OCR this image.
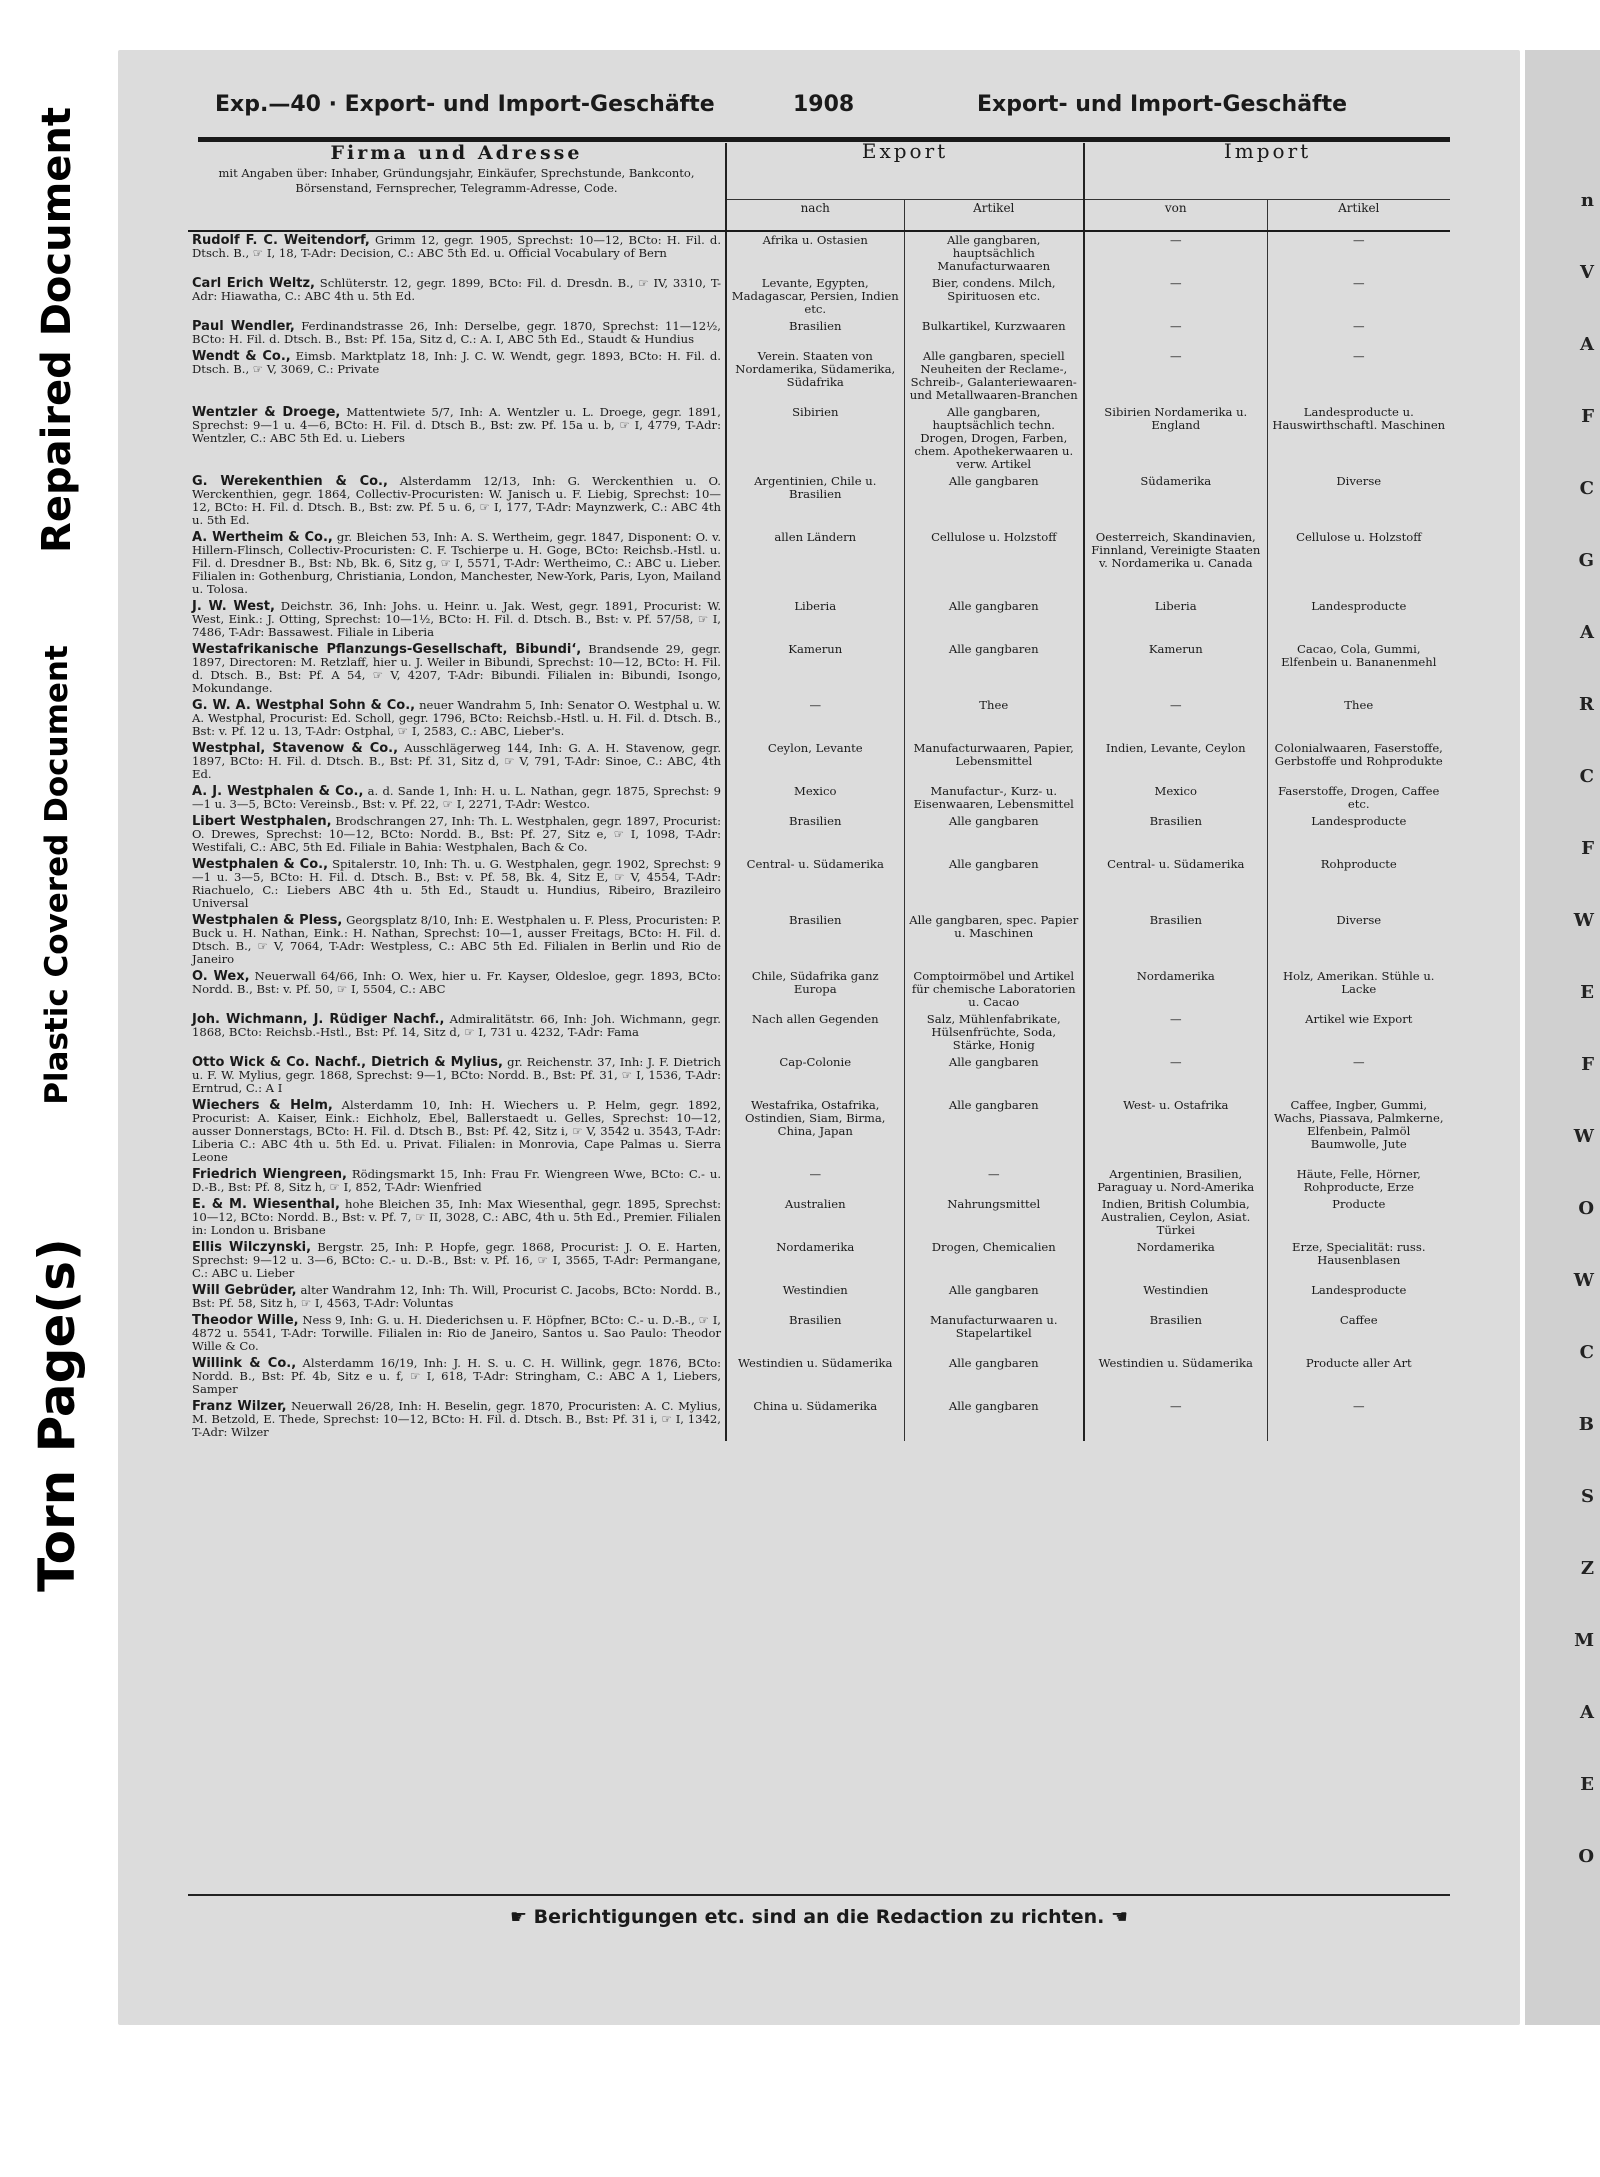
Repaired Document
Plastic Covered Document
Torn Page(s)
n
V
A
F
C
G
A
R
C
F
W
E
F
W
O
W
C
B
S
Z
M
A
E
O
Exp.—40 · Export- und Import-Geschäfte	1908	Export- und Import-Geschäfte
Firma und Adresse
mit Angaben über: Inhaber, Gründungsjahr, Einkäufer, Sprechstunde, Bankconto, Börsenstand, Fernsprecher, Telegramm-Adresse, Code.	Export		Import	
	nach	Artikel	von	Artikel
Rudolf F. C. Weitendorf, Grimm 12, gegr. 1905, Sprechst: 10—12, BCto: H. Fil. d. Dtsch. B., ☞ I, 18, T-Adr: Decision, C.: ABC 5th Ed. u. Official Vocabulary of Bern	Afrika u. Ostasien	Alle gangbaren, hauptsächlich Manufacturwaaren	—	—
Carl Erich Weltz, Schlüterstr. 12, gegr. 1899, BCto: Fil. d. Dresdn. B., ☞ IV, 3310, T-Adr: Hiawatha, C.: ABC 4th u. 5th Ed.	Levante, Egypten, Madagascar, Persien, Indien etc.	Bier, condens. Milch, Spirituosen etc.	—	—
Paul Wendler, Ferdinandstrasse 26, Inh: Derselbe, gegr. 1870, Sprechst: 11—12½, BCto: H. Fil. d. Dtsch. B., Bst: Pf. 15a, Sitz d, C.: A. I, ABC 5th Ed., Staudt & Hundius	Brasilien	Bulkartikel, Kurzwaaren	—	—
Wendt & Co., Eimsb. Marktplatz 18, Inh: J. C. W. Wendt, gegr. 1893, BCto: H. Fil. d. Dtsch. B., ☞ V, 3069, C.: Private	Verein. Staaten von Nordamerika, Südamerika, Südafrika	Alle gangbaren, speciell Neuheiten der Reclame-, Schreib-, Galanteriewaaren- und Metallwaaren-Branchen	—	—
Wentzler & Droege, Mattentwiete 5/7, Inh: A. Wentzler u. L. Droege, gegr. 1891, Sprechst: 9—1 u. 4—6, BCto: H. Fil. d. Dtsch B., Bst: zw. Pf. 15a u. b, ☞ I, 4779, T-Adr: Wentzler, C.: ABC 5th Ed. u. Liebers	Sibirien	Alle gangbaren, hauptsächlich techn. Drogen, Drogen, Farben, chem. Apothekerwaaren u. verw. Artikel	Sibirien Nordamerika u. England	Landesproducte u. Hauswirthschaftl. Maschinen
G. Werekenthien & Co., Alsterdamm 12/13, Inh: G. Werckenthien u. O. Werckenthien, gegr. 1864, Collectiv-Procuristen: W. Janisch u. F. Liebig, Sprechst: 10—12, BCto: H. Fil. d. Dtsch. B., Bst: zw. Pf. 5 u. 6, ☞ I, 177, T-Adr: Maynzwerk, C.: ABC 4th u. 5th Ed.	Argentinien, Chile u. Brasilien	Alle gangbaren	Südamerika	Diverse
A. Wertheim & Co., gr. Bleichen 53, Inh: A. S. Wertheim, gegr. 1847, Disponent: O. v. Hillern-Flinsch, Collectiv-Procuristen: C. F. Tschierpe u. H. Goge, BCto: Reichsb.-Hstl. u. Fil. d. Dresdner B., Bst: Nb, Bk. 6, Sitz g, ☞ I, 5571, T-Adr: Wertheimo, C.: ABC u. Lieber. Filialen in: Gothenburg, Christiania, London, Manchester, New-York, Paris, Lyon, Mailand u. Tolosa.	allen Ländern	Cellulose u. Holzstoff	Oesterreich, Skandinavien, Finnland, Vereinigte Staaten v. Nordamerika u. Canada	Cellulose u. Holzstoff
J. W. West, Deichstr. 36, Inh: Johs. u. Heinr. u. Jak. West, gegr. 1891, Procurist: W. West, Eink.: J. Otting, Sprechst: 10—1½, BCto: H. Fil. d. Dtsch. B., Bst: v. Pf. 57/58, ☞ I, 7486, T-Adr: Bassawest. Filiale in Liberia	Liberia	Alle gangbaren	Liberia	Landesproducte
Westafrikanische Pflanzungs-Gesellschaft, Bibundi‘, Brandsende 29, gegr. 1897, Directoren: M. Retzlaff, hier u. J. Weiler in Bibundi, Sprechst: 10—12, BCto: H. Fil. d. Dtsch. B., Bst: Pf. A 54, ☞ V, 4207, T-Adr: Bibundi. Filialen in: Bibundi, Isongo, Mokundange.	Kamerun	Alle gangbaren	Kamerun	Cacao, Cola, Gummi, Elfenbein u. Bananenmehl
G. W. A. Westphal Sohn & Co., neuer Wandrahm 5, Inh: Senator O. Westphal u. W. A. Westphal, Procurist: Ed. Scholl, gegr. 1796, BCto: Reichsb.-Hstl. u. H. Fil. d. Dtsch. B., Bst: v. Pf. 12 u. 13, T-Adr: Ostphal, ☞ I, 2583, C.: ABC, Lieber's.	—	Thee	—	Thee
Westphal, Stavenow & Co., Ausschlägerweg 144, Inh: G. A. H. Stavenow, gegr. 1897, BCto: H. Fil. d. Dtsch. B., Bst: Pf. 31, Sitz d, ☞ V, 791, T-Adr: Sinoe, C.: ABC, 4th Ed.	Ceylon, Levante	Manufacturwaaren, Papier, Lebensmittel	Indien, Levante, Ceylon	Colonialwaaren, Faserstoffe, Gerbstoffe und Rohprodukte
A. J. Westphalen & Co., a. d. Sande 1, Inh: H. u. L. Nathan, gegr. 1875, Sprechst: 9—1 u. 3—5, BCto: Vereinsb., Bst: v. Pf. 22, ☞ I, 2271, T-Adr: Westco.	Mexico	Manufactur-, Kurz- u. Eisenwaaren, Lebensmittel	Mexico	Faserstoffe, Drogen, Caffee etc.
Libert Westphalen, Brodschrangen 27, Inh: Th. L. Westphalen, gegr. 1897, Procurist: O. Drewes, Sprechst: 10—12, BCto: Nordd. B., Bst: Pf. 27, Sitz e, ☞ I, 1098, T-Adr: Westifali, C.: ABC, 5th Ed. Filiale in Bahia: Westphalen, Bach & Co.	Brasilien	Alle gangbaren	Brasilien	Landesproducte
Westphalen & Co., Spitalerstr. 10, Inh: Th. u. G. Westphalen, gegr. 1902, Sprechst: 9—1 u. 3—5, BCto: H. Fil. d. Dtsch. B., Bst: v. Pf. 58, Bk. 4, Sitz E, ☞ V, 4554, T-Adr: Riachuelo, C.: Liebers ABC 4th u. 5th Ed., Staudt u. Hundius, Ribeiro, Brazileiro Universal	Central- u. Südamerika	Alle gangbaren	Central- u. Südamerika	Rohproducte
Westphalen & Pless, Georgsplatz 8/10, Inh: E. Westphalen u. F. Pless, Procuristen: P. Buck u. H. Nathan, Eink.: H. Nathan, Sprechst: 10—1, ausser Freitags, BCto: H. Fil. d. Dtsch. B., ☞ V, 7064, T-Adr: Westpless, C.: ABC 5th Ed. Filialen in Berlin und Rio de Janeiro	Brasilien	Alle gangbaren, spec. Papier u. Maschinen	Brasilien	Diverse
O. Wex, Neuerwall 64/66, Inh: O. Wex, hier u. Fr. Kayser, Oldesloe, gegr. 1893, BCto: Nordd. B., Bst: v. Pf. 50, ☞ I, 5504, C.: ABC	Chile, Südafrika ganz Europa	Comptoirmöbel und Artikel für chemische Laboratorien u. Cacao	Nordamerika	Holz, Amerikan. Stühle u. Lacke
Joh. Wichmann, J. Rüdiger Nachf., Admiralitätstr. 66, Inh: Joh. Wichmann, gegr. 1868, BCto: Reichsb.-Hstl., Bst: Pf. 14, Sitz d, ☞ I, 731 u. 4232, T-Adr: Fama	Nach allen Gegenden	Salz, Mühlenfabrikate, Hülsenfrüchte, Soda, Stärke, Honig	—	Artikel wie Export
Otto Wick & Co. Nachf., Dietrich & Mylius, gr. Reichenstr. 37, Inh: J. F. Dietrich u. F. W. Mylius, gegr. 1868, Sprechst: 9—1, BCto: Nordd. B., Bst: Pf. 31, ☞ I, 1536, T-Adr: Erntrud, C.: A I	Cap-Colonie	Alle gangbaren	—	—
Wiechers & Helm, Alsterdamm 10, Inh: H. Wiechers u. P. Helm, gegr. 1892, Procurist: A. Kaiser, Eink.: Eichholz, Ebel, Ballerstaedt u. Gelles, Sprechst: 10—12, ausser Donnerstags, BCto: H. Fil. d. Dtsch B., Bst: Pf. 42, Sitz i, ☞ V, 3542 u. 3543, T-Adr: Liberia C.: ABC 4th u. 5th Ed. u. Privat. Filialen: in Monrovia, Cape Palmas u. Sierra Leone	Westafrika, Ostafrika, Ostindien, Siam, Birma, China, Japan	Alle gangbaren	West- u. Ostafrika	Caffee, Ingber, Gummi, Wachs, Piassava, Palmkerne, Elfenbein, Palmöl Baumwolle, Jute
Friedrich Wiengreen, Rödingsmarkt 15, Inh: Frau Fr. Wiengreen Wwe, BCto: C.- u. D.-B., Bst: Pf. 8, Sitz h, ☞ I, 852, T-Adr: Wienfried	—	—	Argentinien, Brasilien, Paraguay u. Nord-Amerika	Häute, Felle, Hörner, Rohproducte, Erze
E. & M. Wiesenthal, hohe Bleichen 35, Inh: Max Wiesenthal, gegr. 1895, Sprechst: 10—12, BCto: Nordd. B., Bst: v. Pf. 7, ☞ II, 3028, C.: ABC, 4th u. 5th Ed., Premier. Filialen in: London u. Brisbane	Australien	Nahrungsmittel	Indien, British Columbia, Australien, Ceylon, Asiat. Türkei	Producte
Ellis Wilczynski, Bergstr. 25, Inh: P. Hopfe, gegr. 1868, Procurist: J. O. E. Harten, Sprechst: 9—12 u. 3—6, BCto: C.- u. D.-B., Bst: v. Pf. 16, ☞ I, 3565, T-Adr: Permangane, C.: ABC u. Lieber	Nordamerika	Drogen, Chemicalien	Nordamerika	Erze, Specialität: russ. Hausenblasen
Will Gebrüder, alter Wandrahm 12, Inh: Th. Will, Procurist C. Jacobs, BCto: Nordd. B., Bst: Pf. 58, Sitz h, ☞ I, 4563, T-Adr: Voluntas	Westindien	Alle gangbaren	Westindien	Landesproducte
Theodor Wille, Ness 9, Inh: G. u. H. Diederichsen u. F. Höpfner, BCto: C.- u. D.-B., ☞ I, 4872 u. 5541, T-Adr: Torwille. Filialen in: Rio de Janeiro, Santos u. Sao Paulo: Theodor Wille & Co.	Brasilien	Manufacturwaaren u. Stapelartikel	Brasilien	Caffee
Willink & Co., Alsterdamm 16/19, Inh: J. H. S. u. C. H. Willink, gegr. 1876, BCto: Nordd. B., Bst: Pf. 4b, Sitz e u. f, ☞ I, 618, T-Adr: Stringham, C.: ABC A 1, Liebers, Samper	Westindien u. Südamerika	Alle gangbaren	Westindien u. Südamerika	Producte aller Art
Franz Wilzer, Neuerwall 26/28, Inh: H. Beselin, gegr. 1870, Procuristen: A. C. Mylius, M. Betzold, E. Thede, Sprechst: 10—12, BCto: H. Fil. d. Dtsch. B., Bst: Pf. 31 i, ☞ I, 1342, T-Adr: Wilzer	China u. Südamerika	Alle gangbaren	—	—
☛ Berichtigungen etc. sind an die Redaction zu richten. ☚
